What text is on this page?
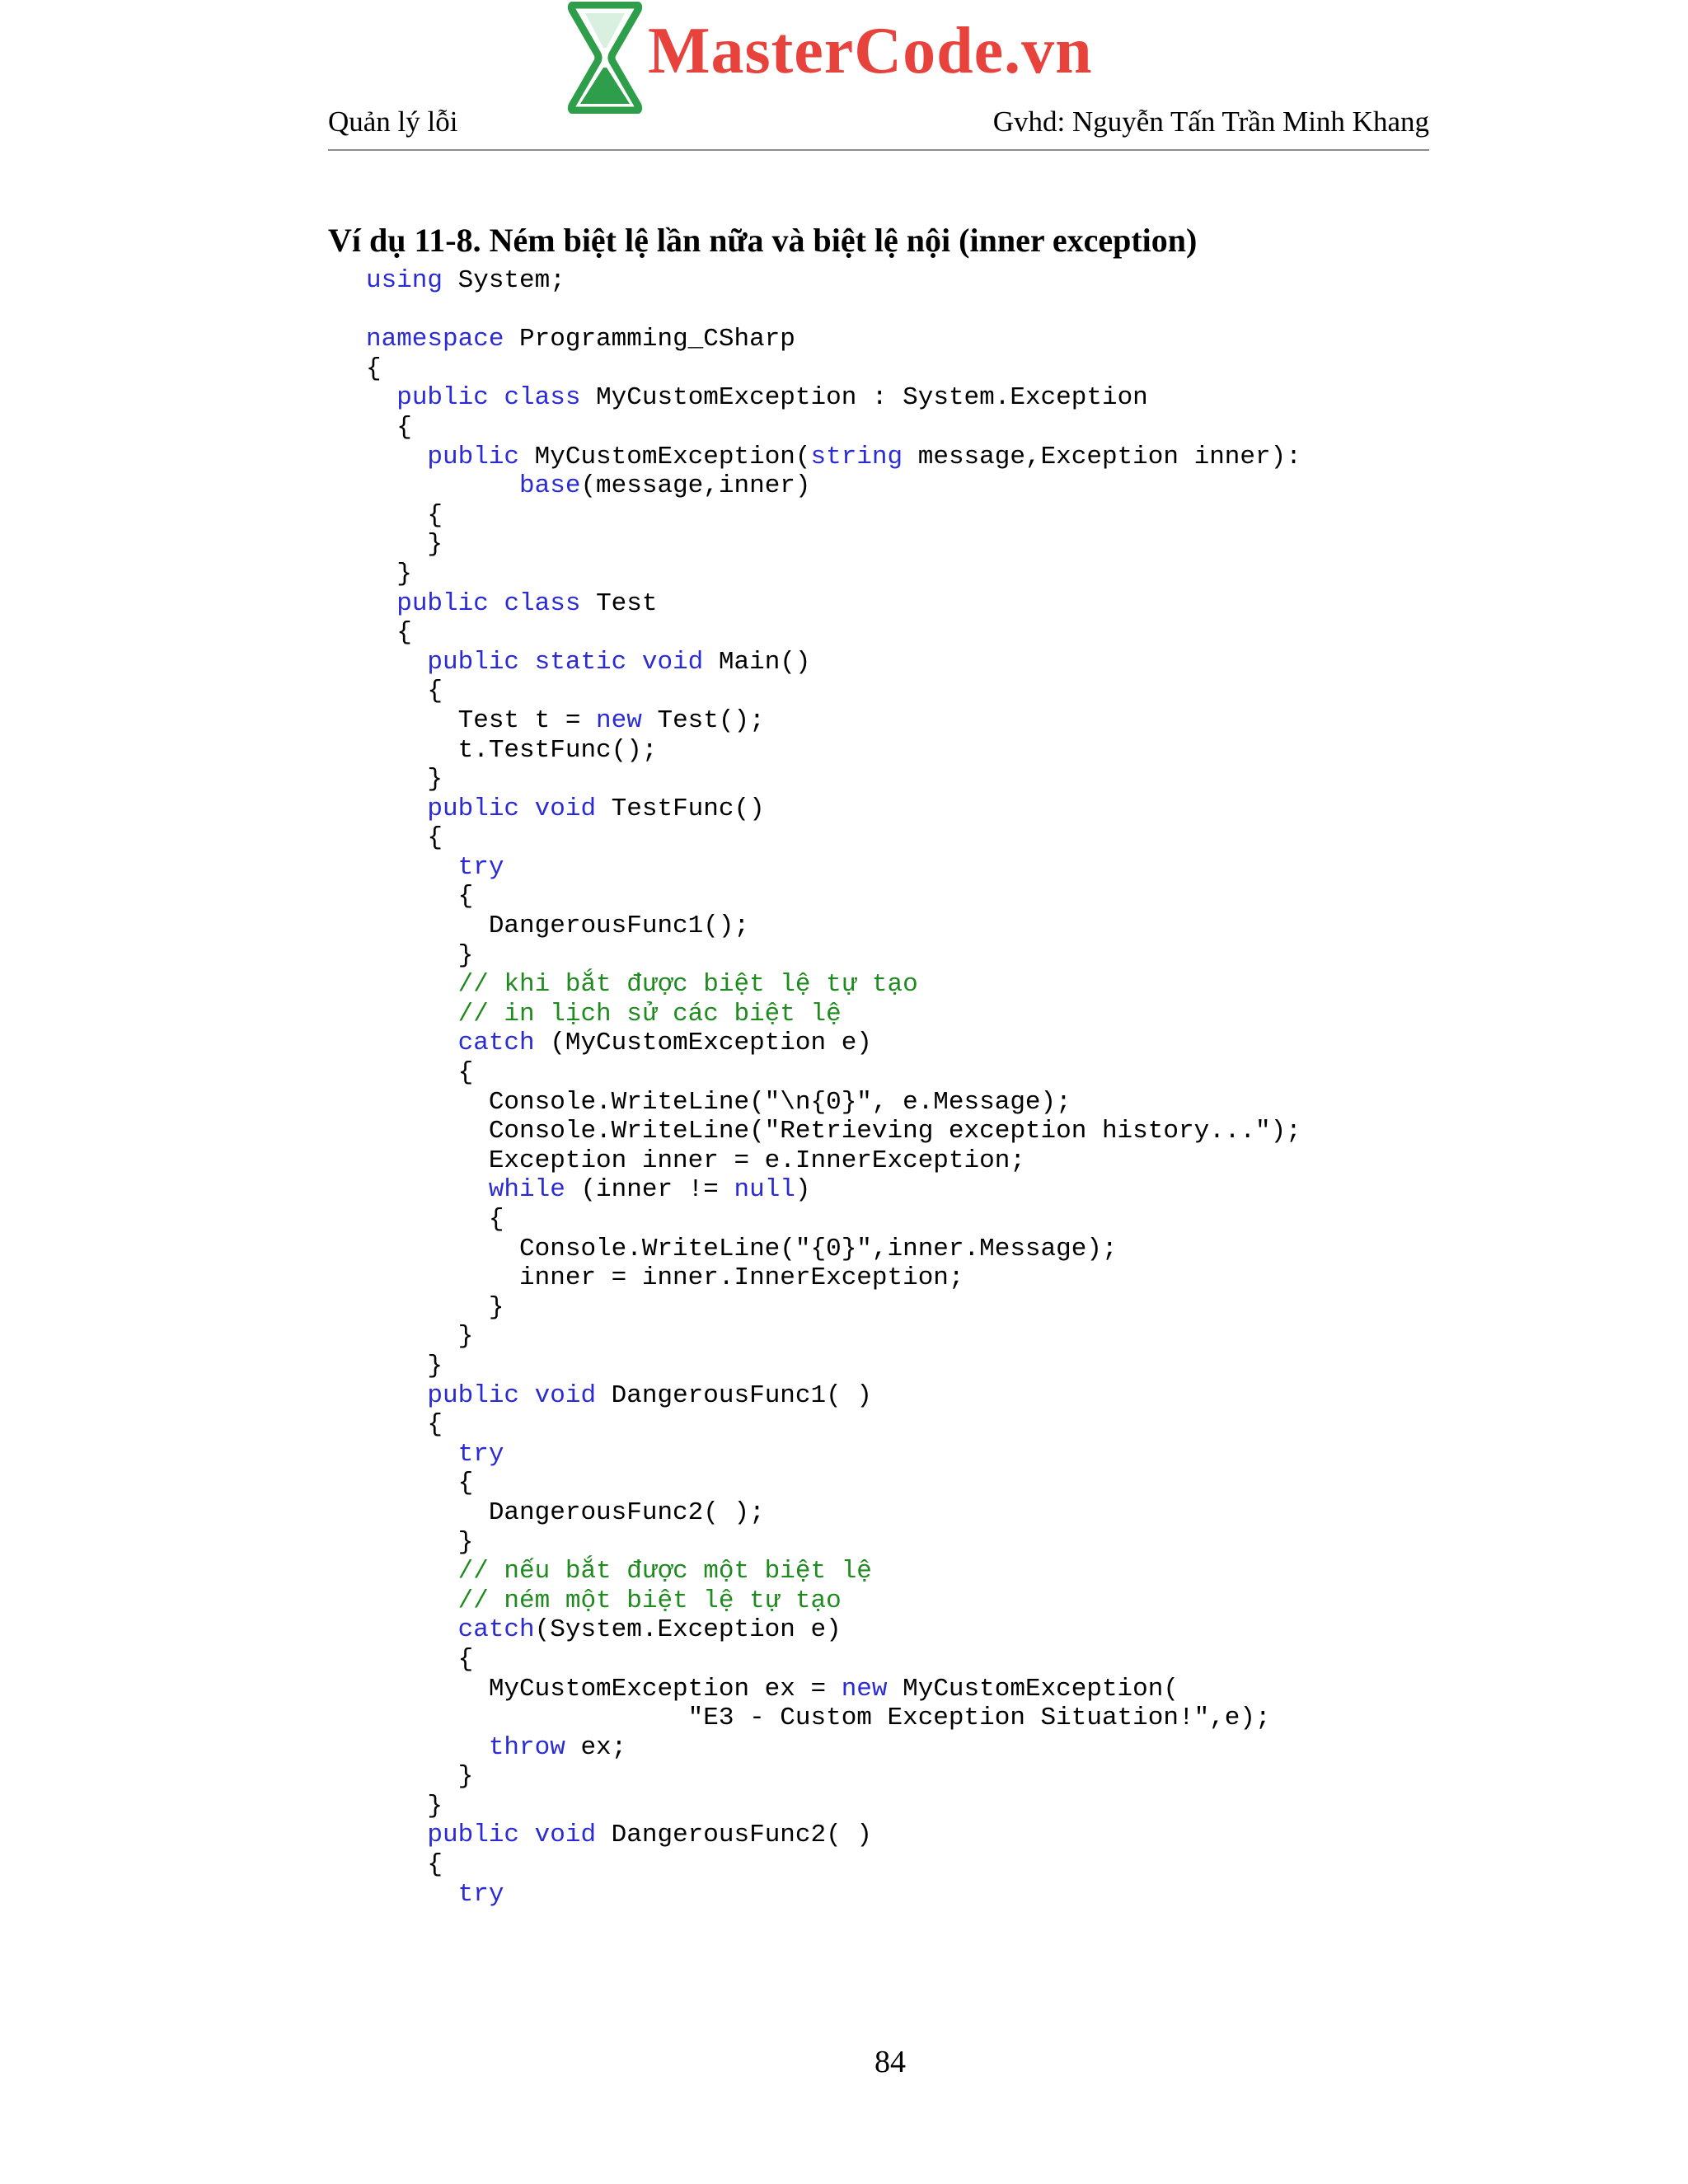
MasterCode.vn
Quản lý lỗi	Gvhd: Nguyễn Tấn Trần Minh Khang
Ví dụ 11-8. Ném biệt lệ lần nữa và biệt lệ nội (inner exception)
using System;
namespace Programming_CSharp
{
public class MyCustomException : System.Exception
{
public MyCustomException(string message,Exception inner):
base(message,inner)
{
}
}
public class Test
{
public static void Main()
{
Test t = new Test();
t.TestFunc();
}
public void TestFunc()
{
try
{
DangerousFunc1();
}
// khi bắt được biệt lệ tự tạo
// in lịch sử các biệt lệ
catch (MyCustomException e)
{
Console.WriteLine("\n{0}", e.Message);
Console.WriteLine("Retrieving exception history...");
Exception inner = e.InnerException;
while (inner != null)
{
Console.WriteLine("{0}",inner.Message);
inner = inner.InnerException;
}
}
}
public void DangerousFunc1( )
{
try
{
DangerousFunc2( );
}
// nếu bắt được một biệt lệ
// ném một biệt lệ tự tạo
catch(System.Exception e)
{
MyCustomException ex = new MyCustomException(
"E3 - Custom Exception Situation!",e);
throw ex;
}
}
public void DangerousFunc2( )
{
try
84
